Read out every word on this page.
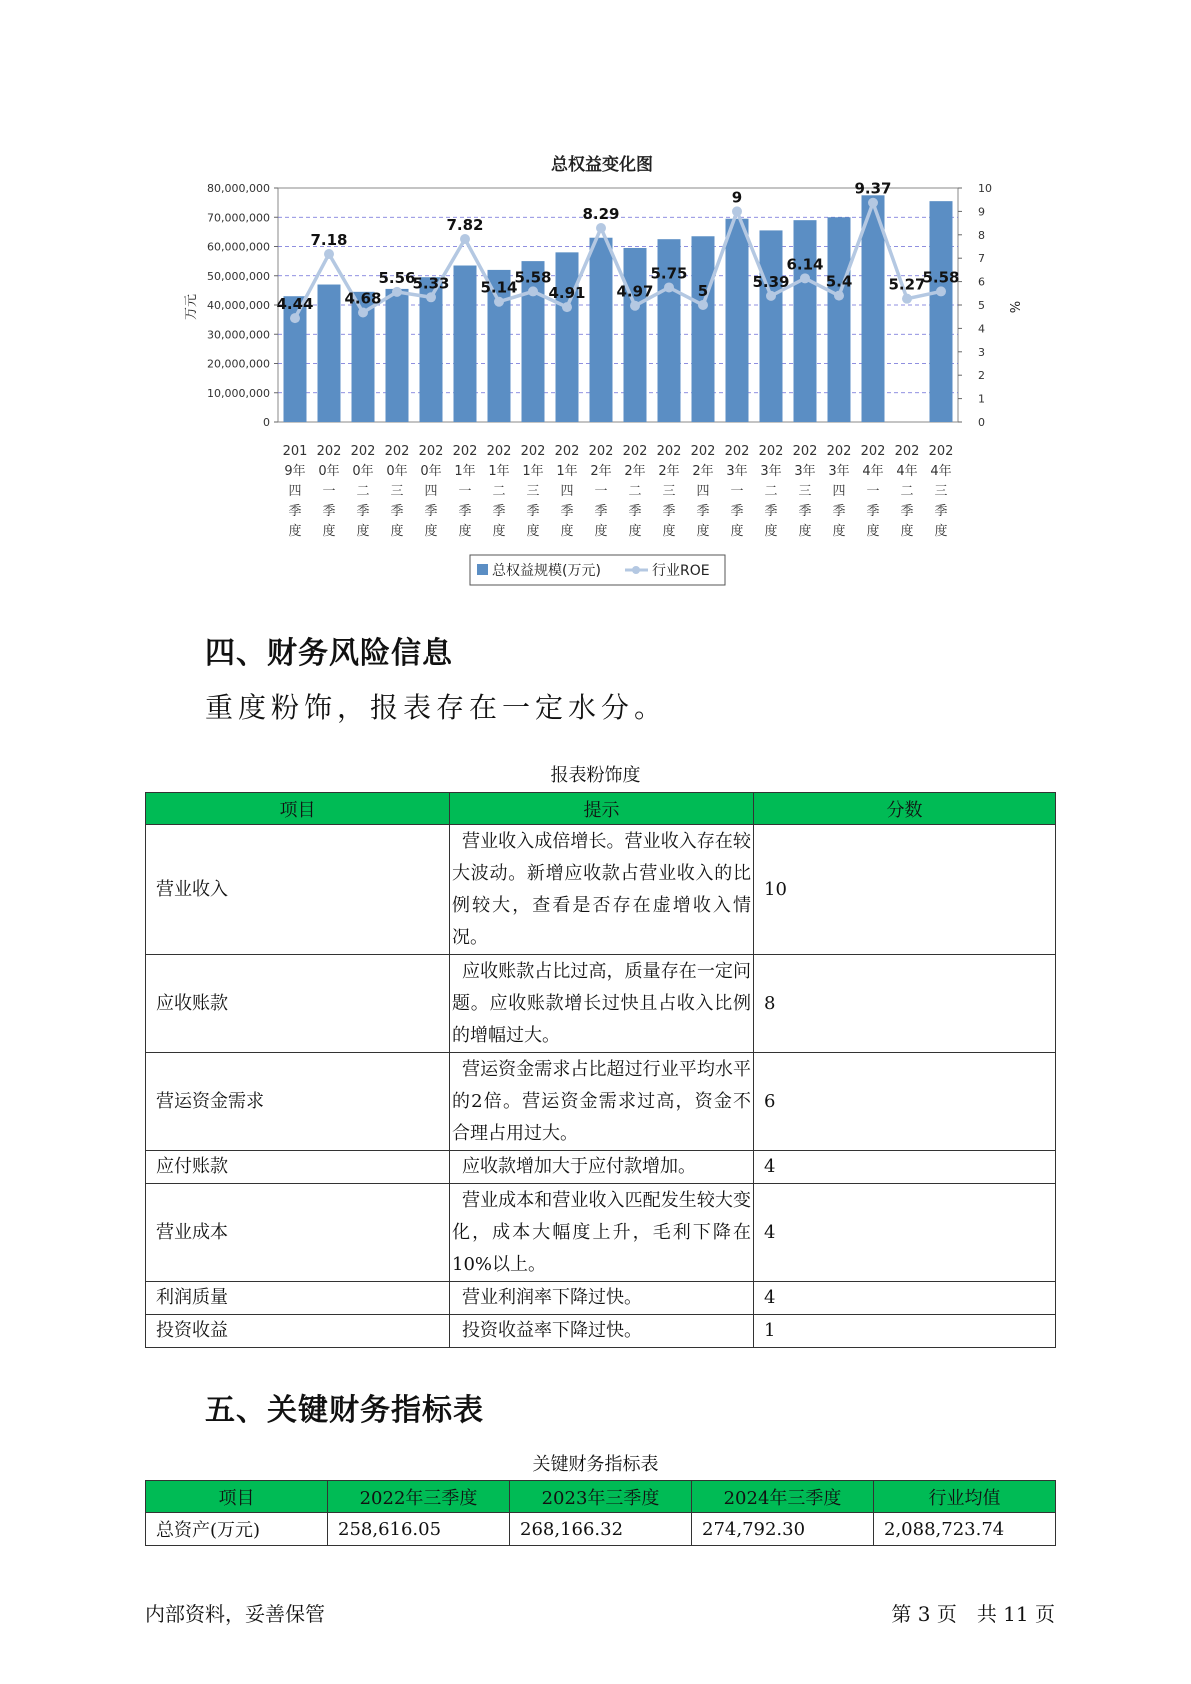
总权益变化图
4.44
7.18
4.68
5.56
5.33
7.82
5.14
5.58
4.91
8.29
4.97
5.75
5
9
5.39
6.14
5.4
9.37
5.27
5.58
80,000,000
70,000,000
60,000,000
50,000,000
40,000,000
30,000,000
20,000,000
10,000,000
0
10
9
8
7
6
5
4
3
2
1
0
万元	%
201
9年
四
季
度
202
0年
一
季
度
202
0年
二
季
度
202
0年
三
季
度
202
0年
四
季
度
202
1年
一
季
度
202
1年
二
季
度
202
1年
三
季
度
202
1年
四
季
度
202
2年
一
季
度
202
2年
二
季
度
202
2年
三
季
度
202
2年
四
季
度
202
3年
一
季
度
202
3年
二
季
度
202
3年
三
季
度
202
3年
四
季
度
202
4年
一
季
度
202
4年
二
季
度
202
4年
三
季
度
总权益规模(万元)	行业ROE
四、财务风险信息
重度粉饰，报表存在一定水分。
报表粉饰度
项目	提示	分数
营业收入	营业收入成倍增长。营业收入存在较大波动。新增应收款占营业收入的比例较大，查看是否存在虚增收入情况。	10
应收账款	应收账款占比过高，质量存在一定问题。应收账款增长过快且占收入比例的增幅过大。	8
营运资金需求	营运资金需求占比超过行业平均水平的2倍。营运资金需求过高，资金不合理占用过大。	6
应付账款	应收款增加大于应付款增加。	4
营业成本	营业成本和营业收入匹配发生较大变化，成本大幅度上升，毛利下降在10%以上。	4
利润质量	营业利润率下降过快。	4
投资收益	投资收益率下降过快。	1
五、关键财务指标表
关键财务指标表
项目	2022年三季度	2023年三季度	2024年三季度	行业均值
总资产(万元)	258,616.05	268,166.32	274,792.30	2,088,723.74
内部资料，妥善保管	第 3 页　共 11 页
